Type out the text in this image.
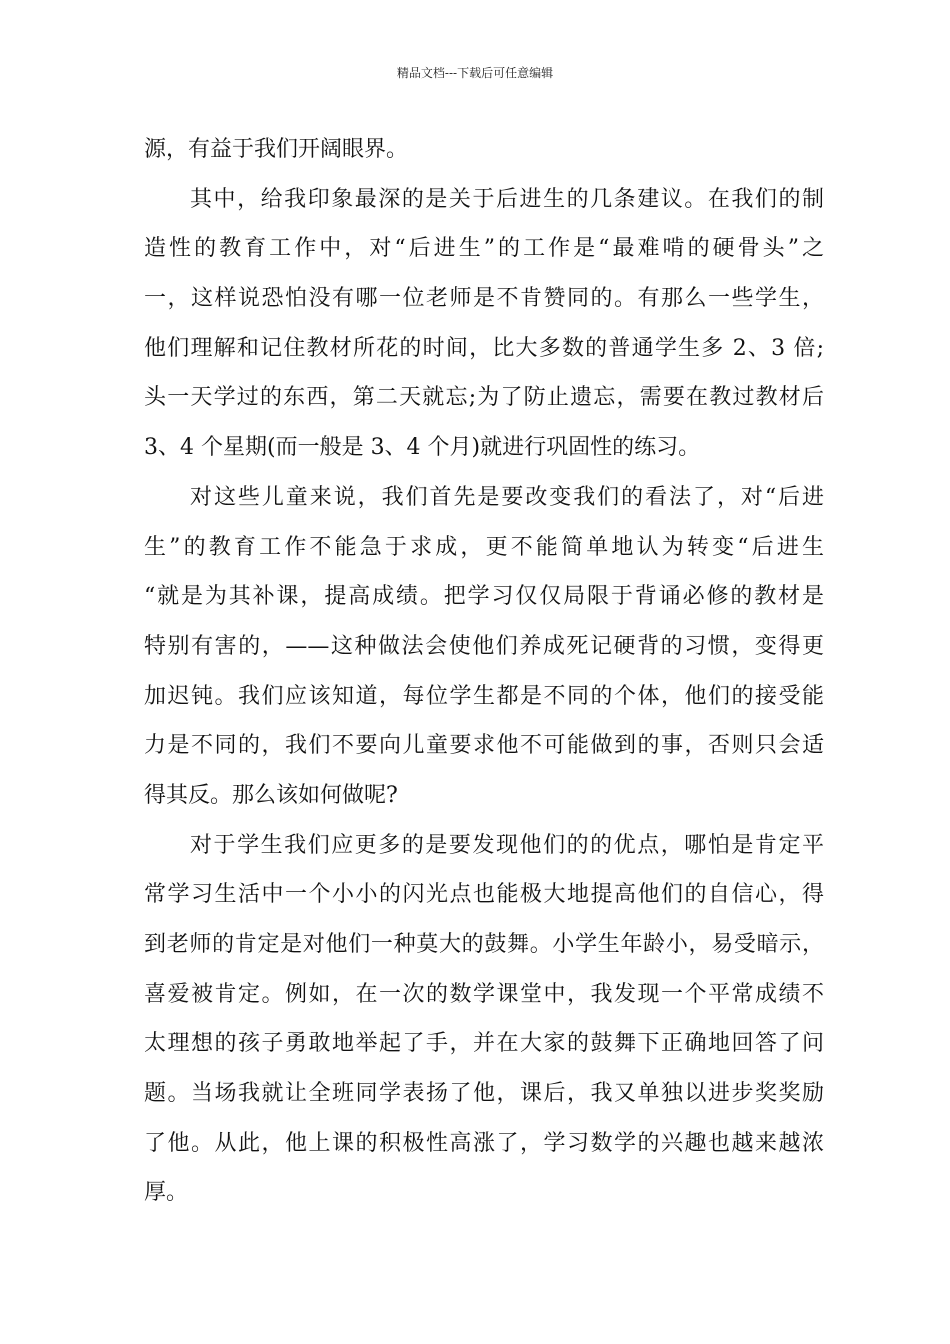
精品文档---下载后可任意编辑
源，有益于我们开阔眼界。
其中，给我印象最深的是关于后进生的几条建议。在我们的制
造性的教育工作中，对“后进生”的工作是“最难啃的硬骨头”之
一，这样说恐怕没有哪一位老师是不肯赞同的。有那么一些学生，
他们理解和记住教材所花的时间，比大多数的普通学生多 2、3 倍;
头一天学过的东西，第二天就忘;为了防止遗忘，需要在教过教材后
3、4 个星期(而一般是 3、4 个月)就进行巩固性的练习。
对这些儿童来说，我们首先是要改变我们的看法了，对“后进
生”的教育工作不能急于求成，更不能简单地认为转变“后进生
“就是为其补课，提高成绩。把学习仅仅局限于背诵必修的教材是
特别有害的，——这种做法会使他们养成死记硬背的习惯，变得更
加迟钝。我们应该知道，每位学生都是不同的个体，他们的接受能
力是不同的，我们不要向儿童要求他不可能做到的事，否则只会适
得其反。那么该如何做呢?
对于学生我们应更多的是要发现他们的的优点，哪怕是肯定平
常学习生活中一个小小的闪光点也能极大地提高他们的自信心，得
到老师的肯定是对他们一种莫大的鼓舞。小学生年龄小，易受暗示，
喜爱被肯定。例如，在一次的数学课堂中，我发现一个平常成绩不
太理想的孩子勇敢地举起了手，并在大家的鼓舞下正确地回答了问
题。当场我就让全班同学表扬了他，课后，我又单独以进步奖奖励
了他。从此，他上课的积极性高涨了，学习数学的兴趣也越来越浓
厚。
